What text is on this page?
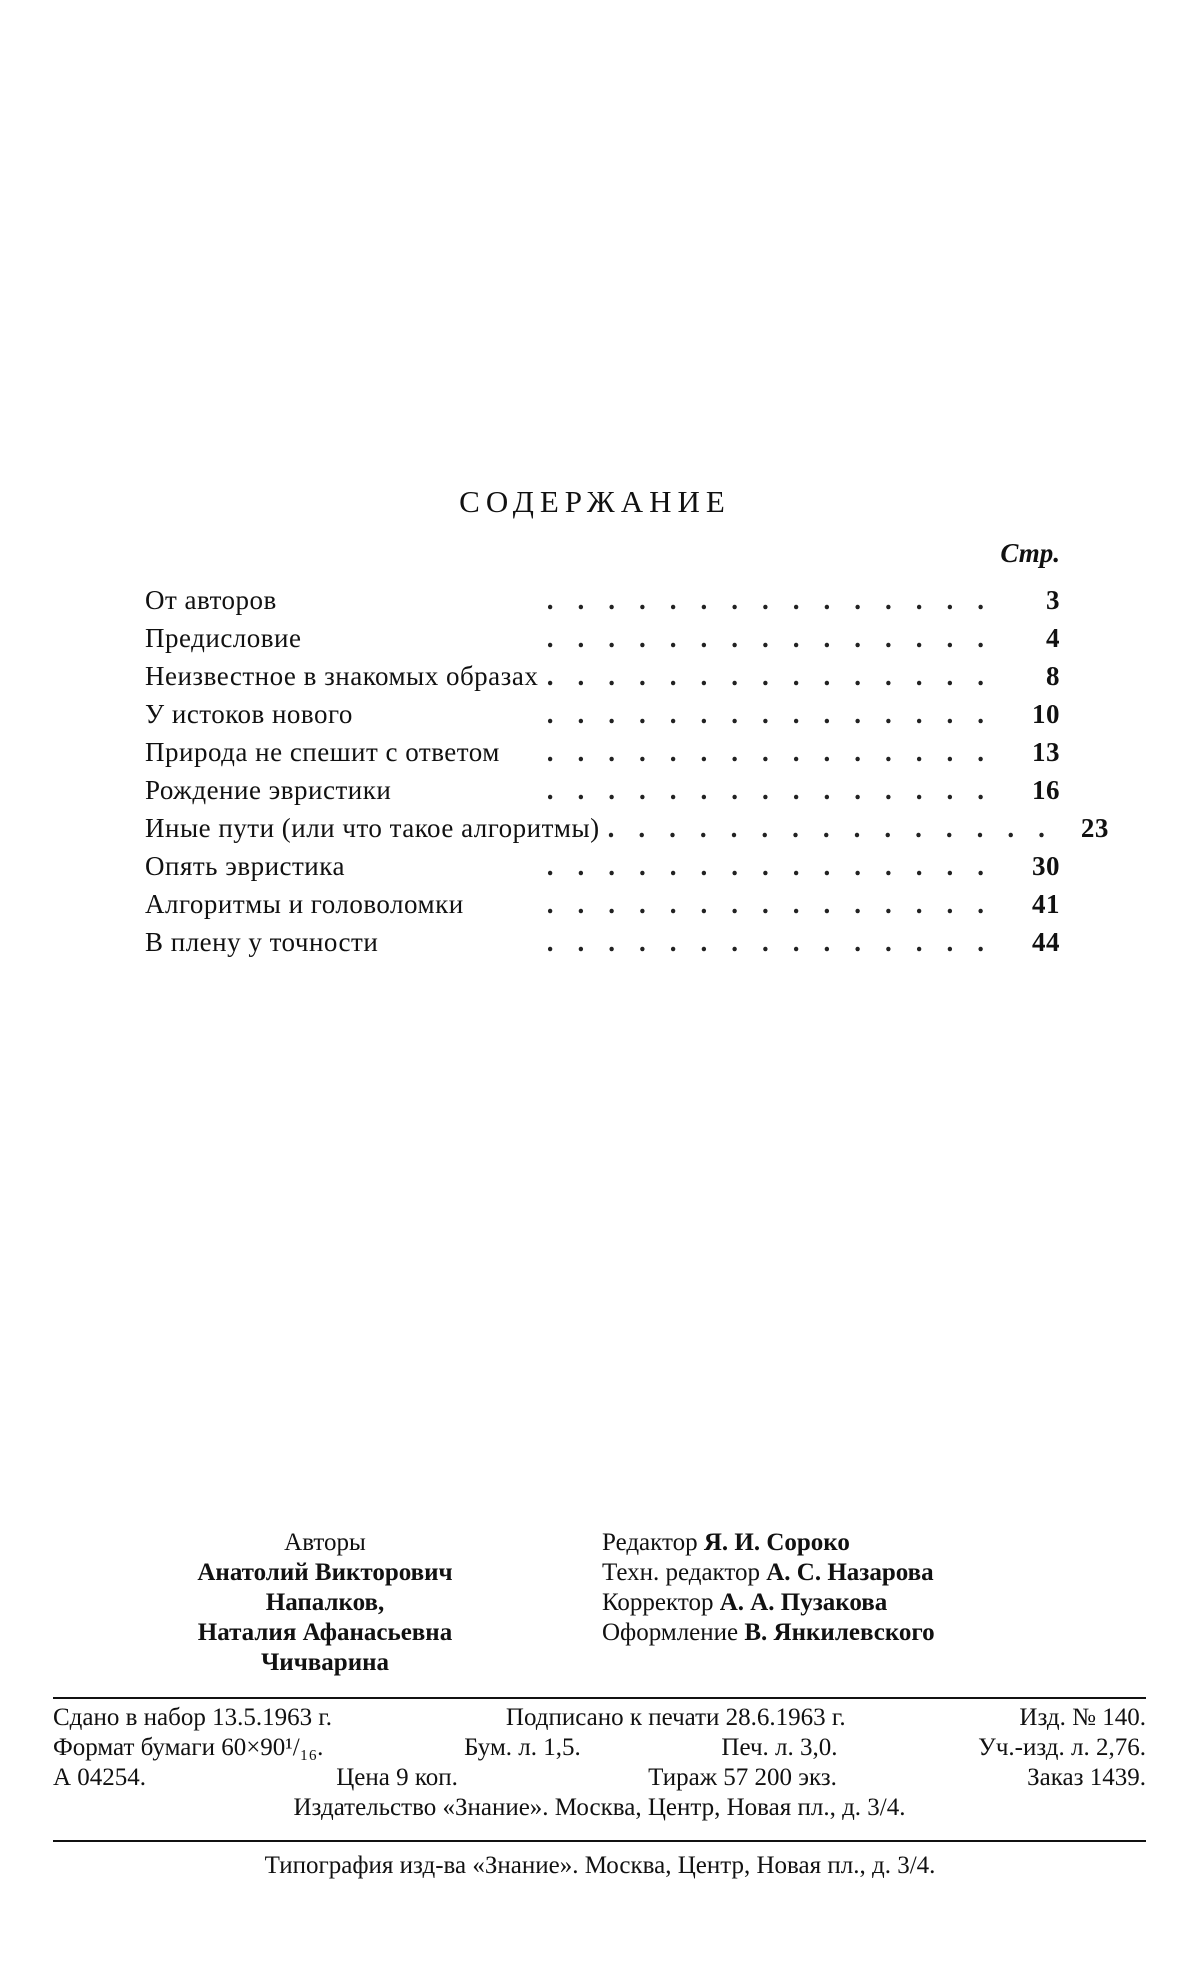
СОДЕРЖАНИЕ
Стр.
От авторов	...............	3
Предисловие	...............	4
Неизвестное в знакомых образах ...............	8
У истоков нового	............... 10
Природа не спешит с ответом	............... 13
Рождение эвристики	............... 16
Иные пути (или что такое алгоритмы) ............... 23
Опять эвристика	............... 30
Алгоритмы и головоломки	............... 41
В плену у точности	............... 44
Авторы
Анатолий Викторович
Напалков,
Наталия Афанасьевна
Чичварина
Редактор Я. И. Сороко
Техн. редактор А. С. Назарова
Корректор А. А. Пузакова
Оформление В. Янкилевского
Сдано в набор 13.5.1963 г.	Подписано к печати 28.6.1963 г.	Изд. № 140.
Формат бумаги 60×90¹/₁₆.	Бум. л. 1,5.	Печ. л. 3,0.	Уч.-изд. л. 2,76.
А 04254.	Цена 9 коп.	Тираж 57 200 экз.	Заказ 1439.
Издательство «Знание». Москва, Центр, Новая пл., д. 3/4.
Типография изд-ва «Знание». Москва, Центр, Новая пл., д. 3/4.
